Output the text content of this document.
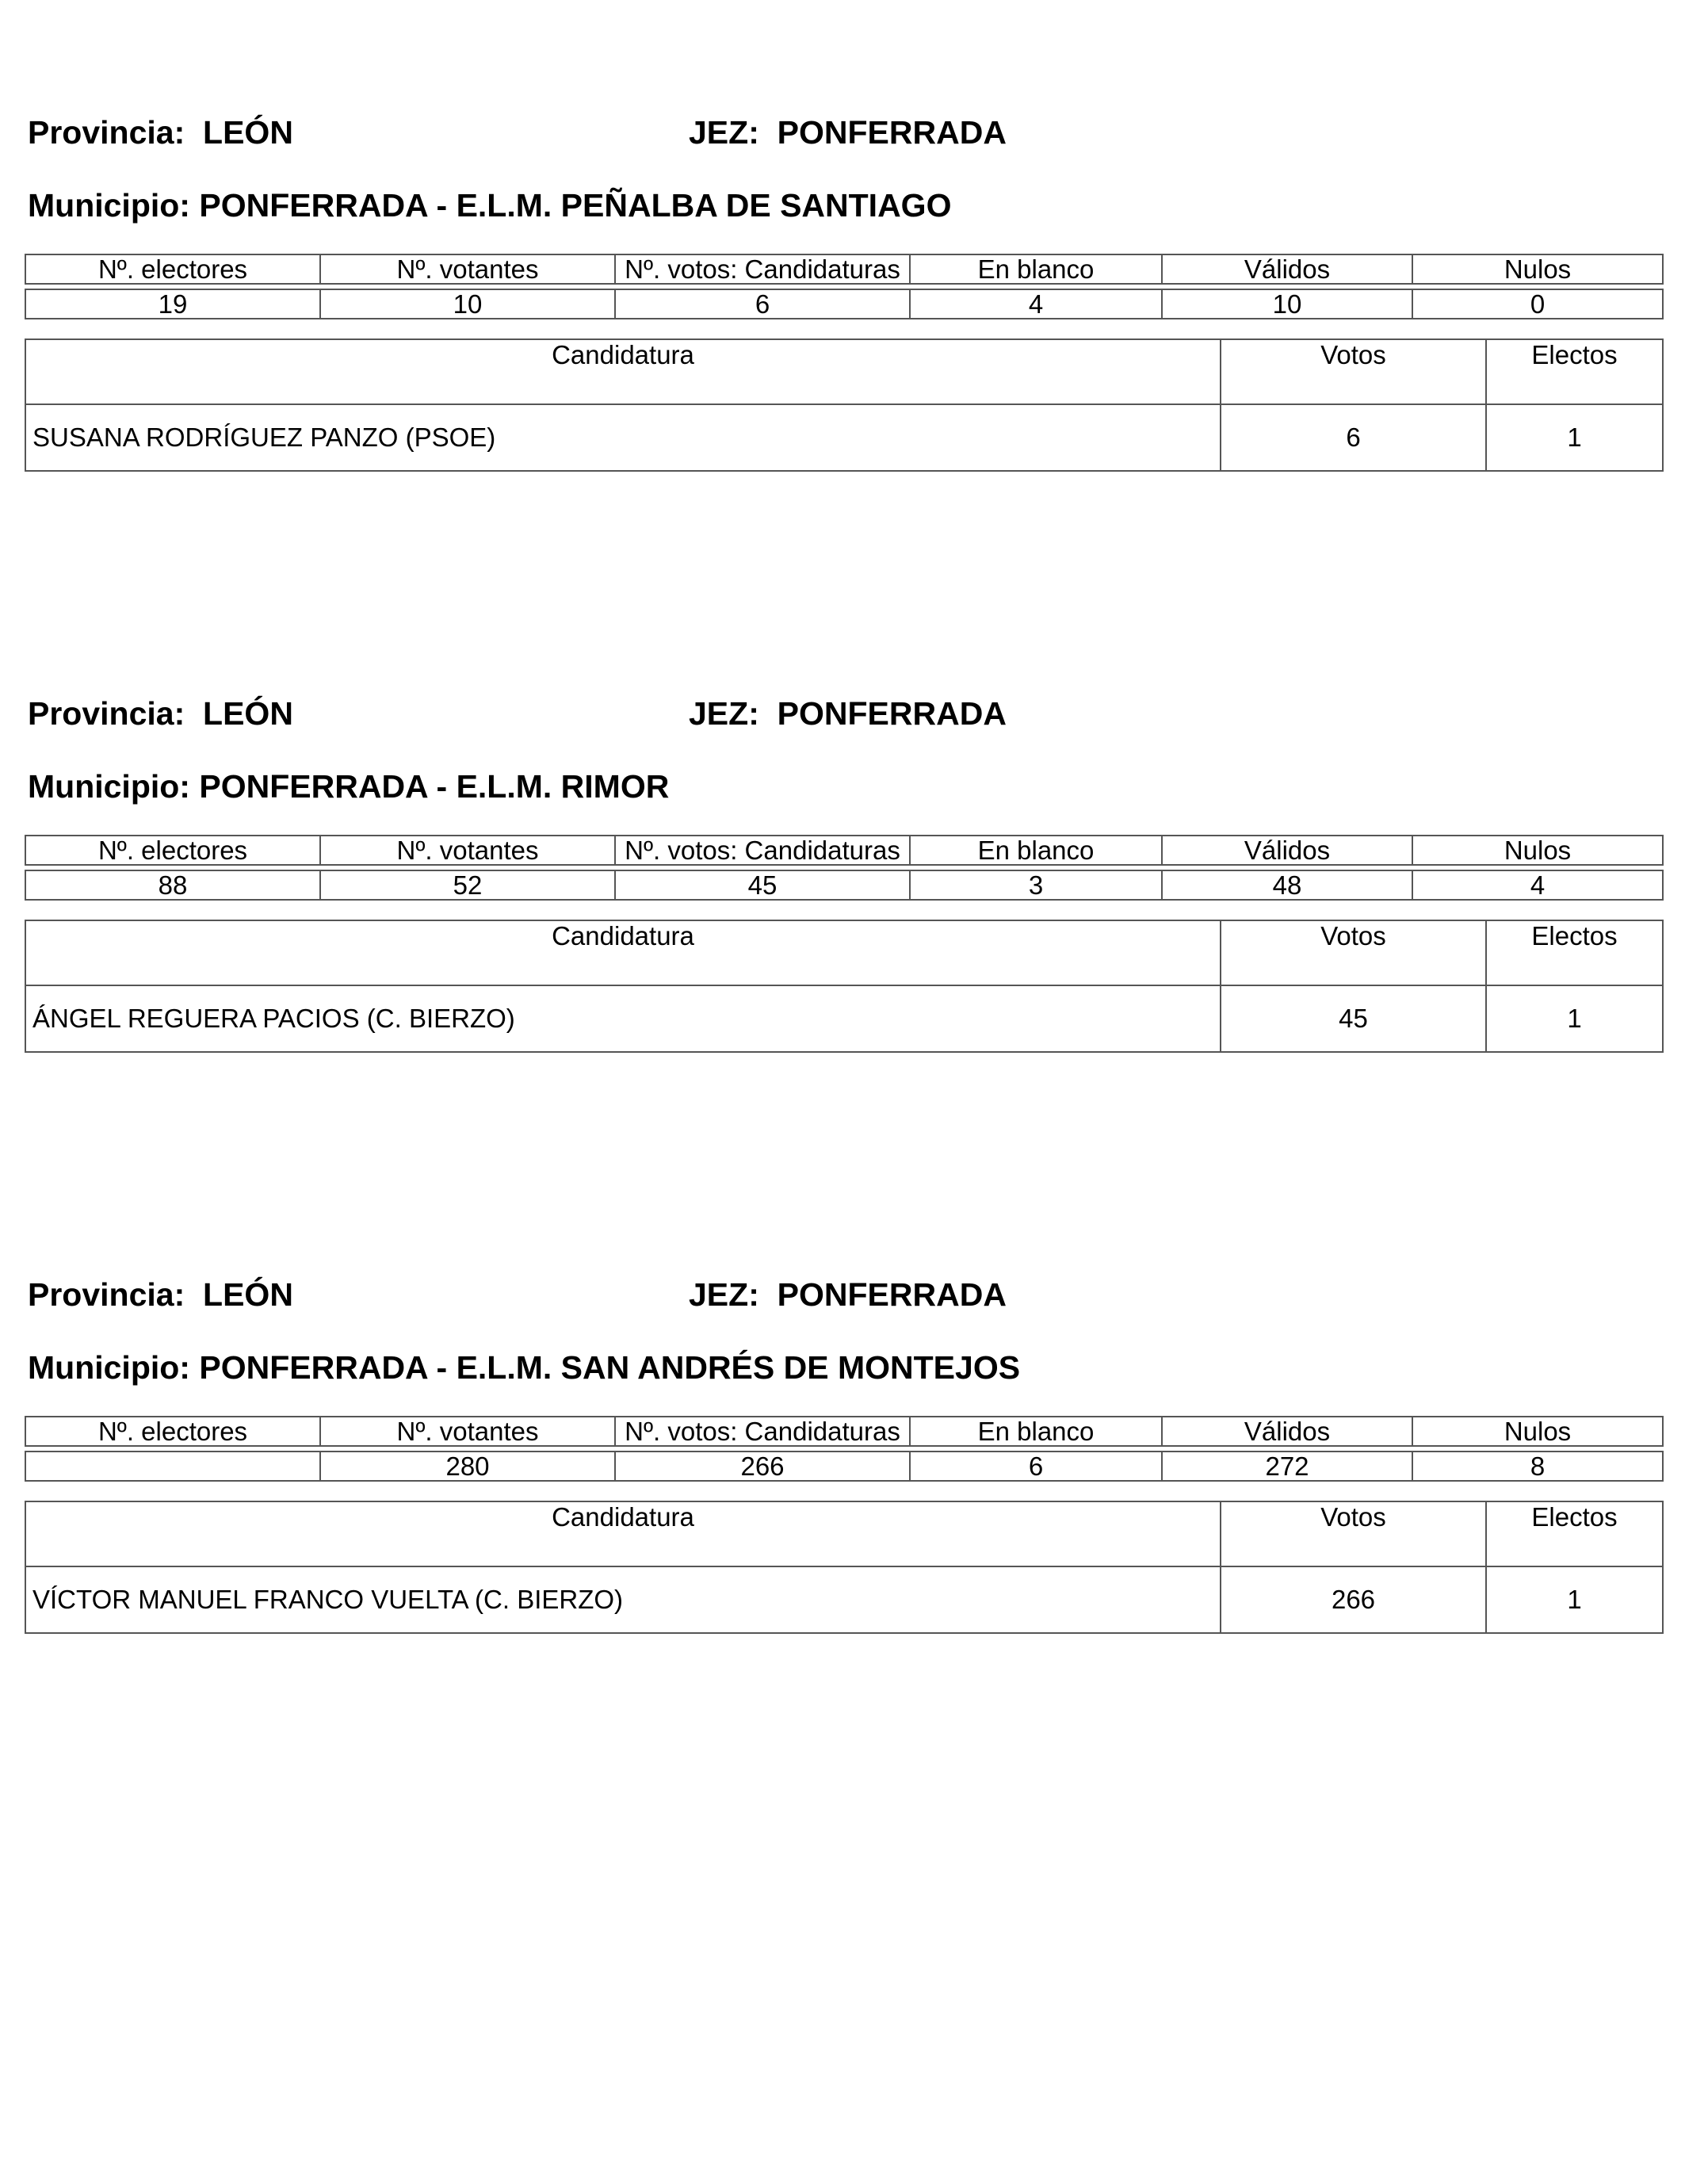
Provincia: LEÓN	JEZ: PONFERRADA
Municipio: PONFERRADA - E.L.M. PEÑALBA DE SANTIAGO
Nº. electores	Nº. votantes	Nº. votos: Candidaturas	En blanco	Válidos	Nulos

19	10	6	4	10	0
Candidatura	Votos	Electos
SUSANA RODRÍGUEZ PANZO (PSOE)	6	1
Provincia: LEÓN	JEZ: PONFERRADA
Municipio: PONFERRADA - E.L.M. RIMOR
Nº. electores	Nº. votantes	Nº. votos: Candidaturas	En blanco	Válidos	Nulos

88	52	45	3	48	4
Candidatura	Votos	Electos
ÁNGEL REGUERA PACIOS (C. BIERZO)	45	1
Provincia: LEÓN	JEZ: PONFERRADA
Municipio: PONFERRADA - E.L.M. SAN ANDRÉS DE MONTEJOS
Nº. electores	Nº. votantes	Nº. votos: Candidaturas	En blanco	Válidos	Nulos

	280	266	6	272	8
Candidatura	Votos	Electos
VÍCTOR MANUEL FRANCO VUELTA (C. BIERZO)	266	1
